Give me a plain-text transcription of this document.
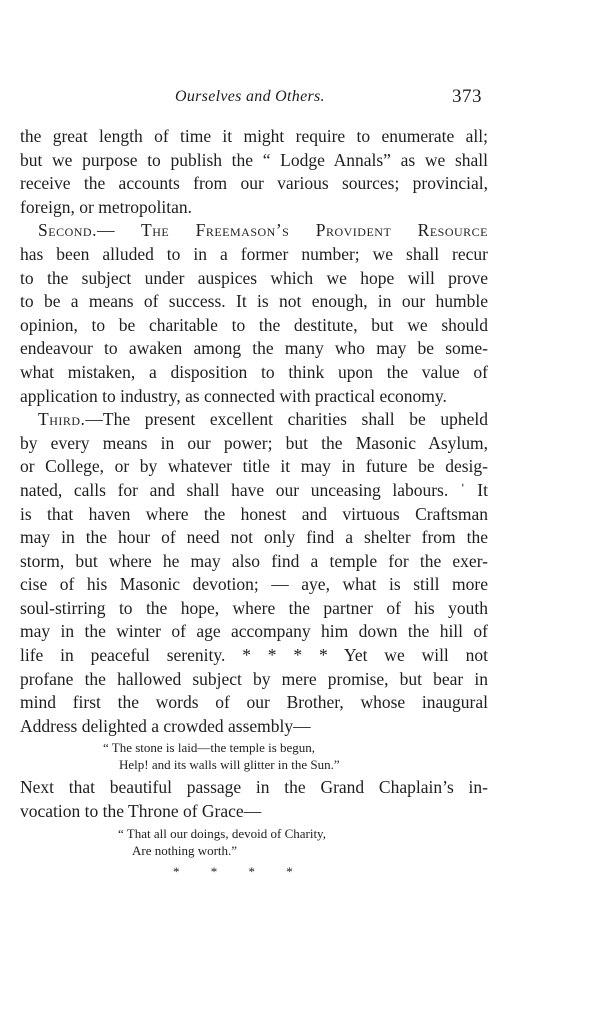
Ourselves and Others.	373
the great length of time it might require to enumerate all;
but we purpose to publish the “ Lodge Annals” as we shall
receive the accounts from our various sources; provincial,
foreign, or metropolitan.
Second.— The Freemason’s Provident Resource
has been alluded to in a former number; we shall recur
to the subject under auspices which we hope will prove
to be a means of success. It is not enough, in our humble
opinion, to be charitable to the destitute, but we should
endeavour to awaken among the many who may be some-
what mistaken, a disposition to think upon the value of
application to industry, as connected with practical economy.
Third.—The present excellent charities shall be upheld
by every means in our power; but the Masonic Asylum,
or College, or by whatever title it may in future be desig-
nated, calls for and shall have our unceasing labours. ˈ It
is that haven where the honest and virtuous Craftsman
may in the hour of need not only find a shelter from the
storm, but where he may also find a temple for the exer-
cise of his Masonic devotion; — aye, what is still more
soul-stirring to the hope, where the partner of his youth
may in the winter of age accompany him down the hill of
life in peaceful serenity. * * * * Yet we will not
profane the hallowed subject by mere promise, but bear in
mind first the words of our Brother, whose inaugural
Address delighted a crowded assembly—
“ The stone is laid—the temple is begun,
Help! and its walls will glitter in the Sun.”
Next that beautiful passage in the Grand Chaplain’s in-
vocation to the Throne of Grace—
“ That all our doings, devoid of Charity,
Are nothing worth.”
* * * *
